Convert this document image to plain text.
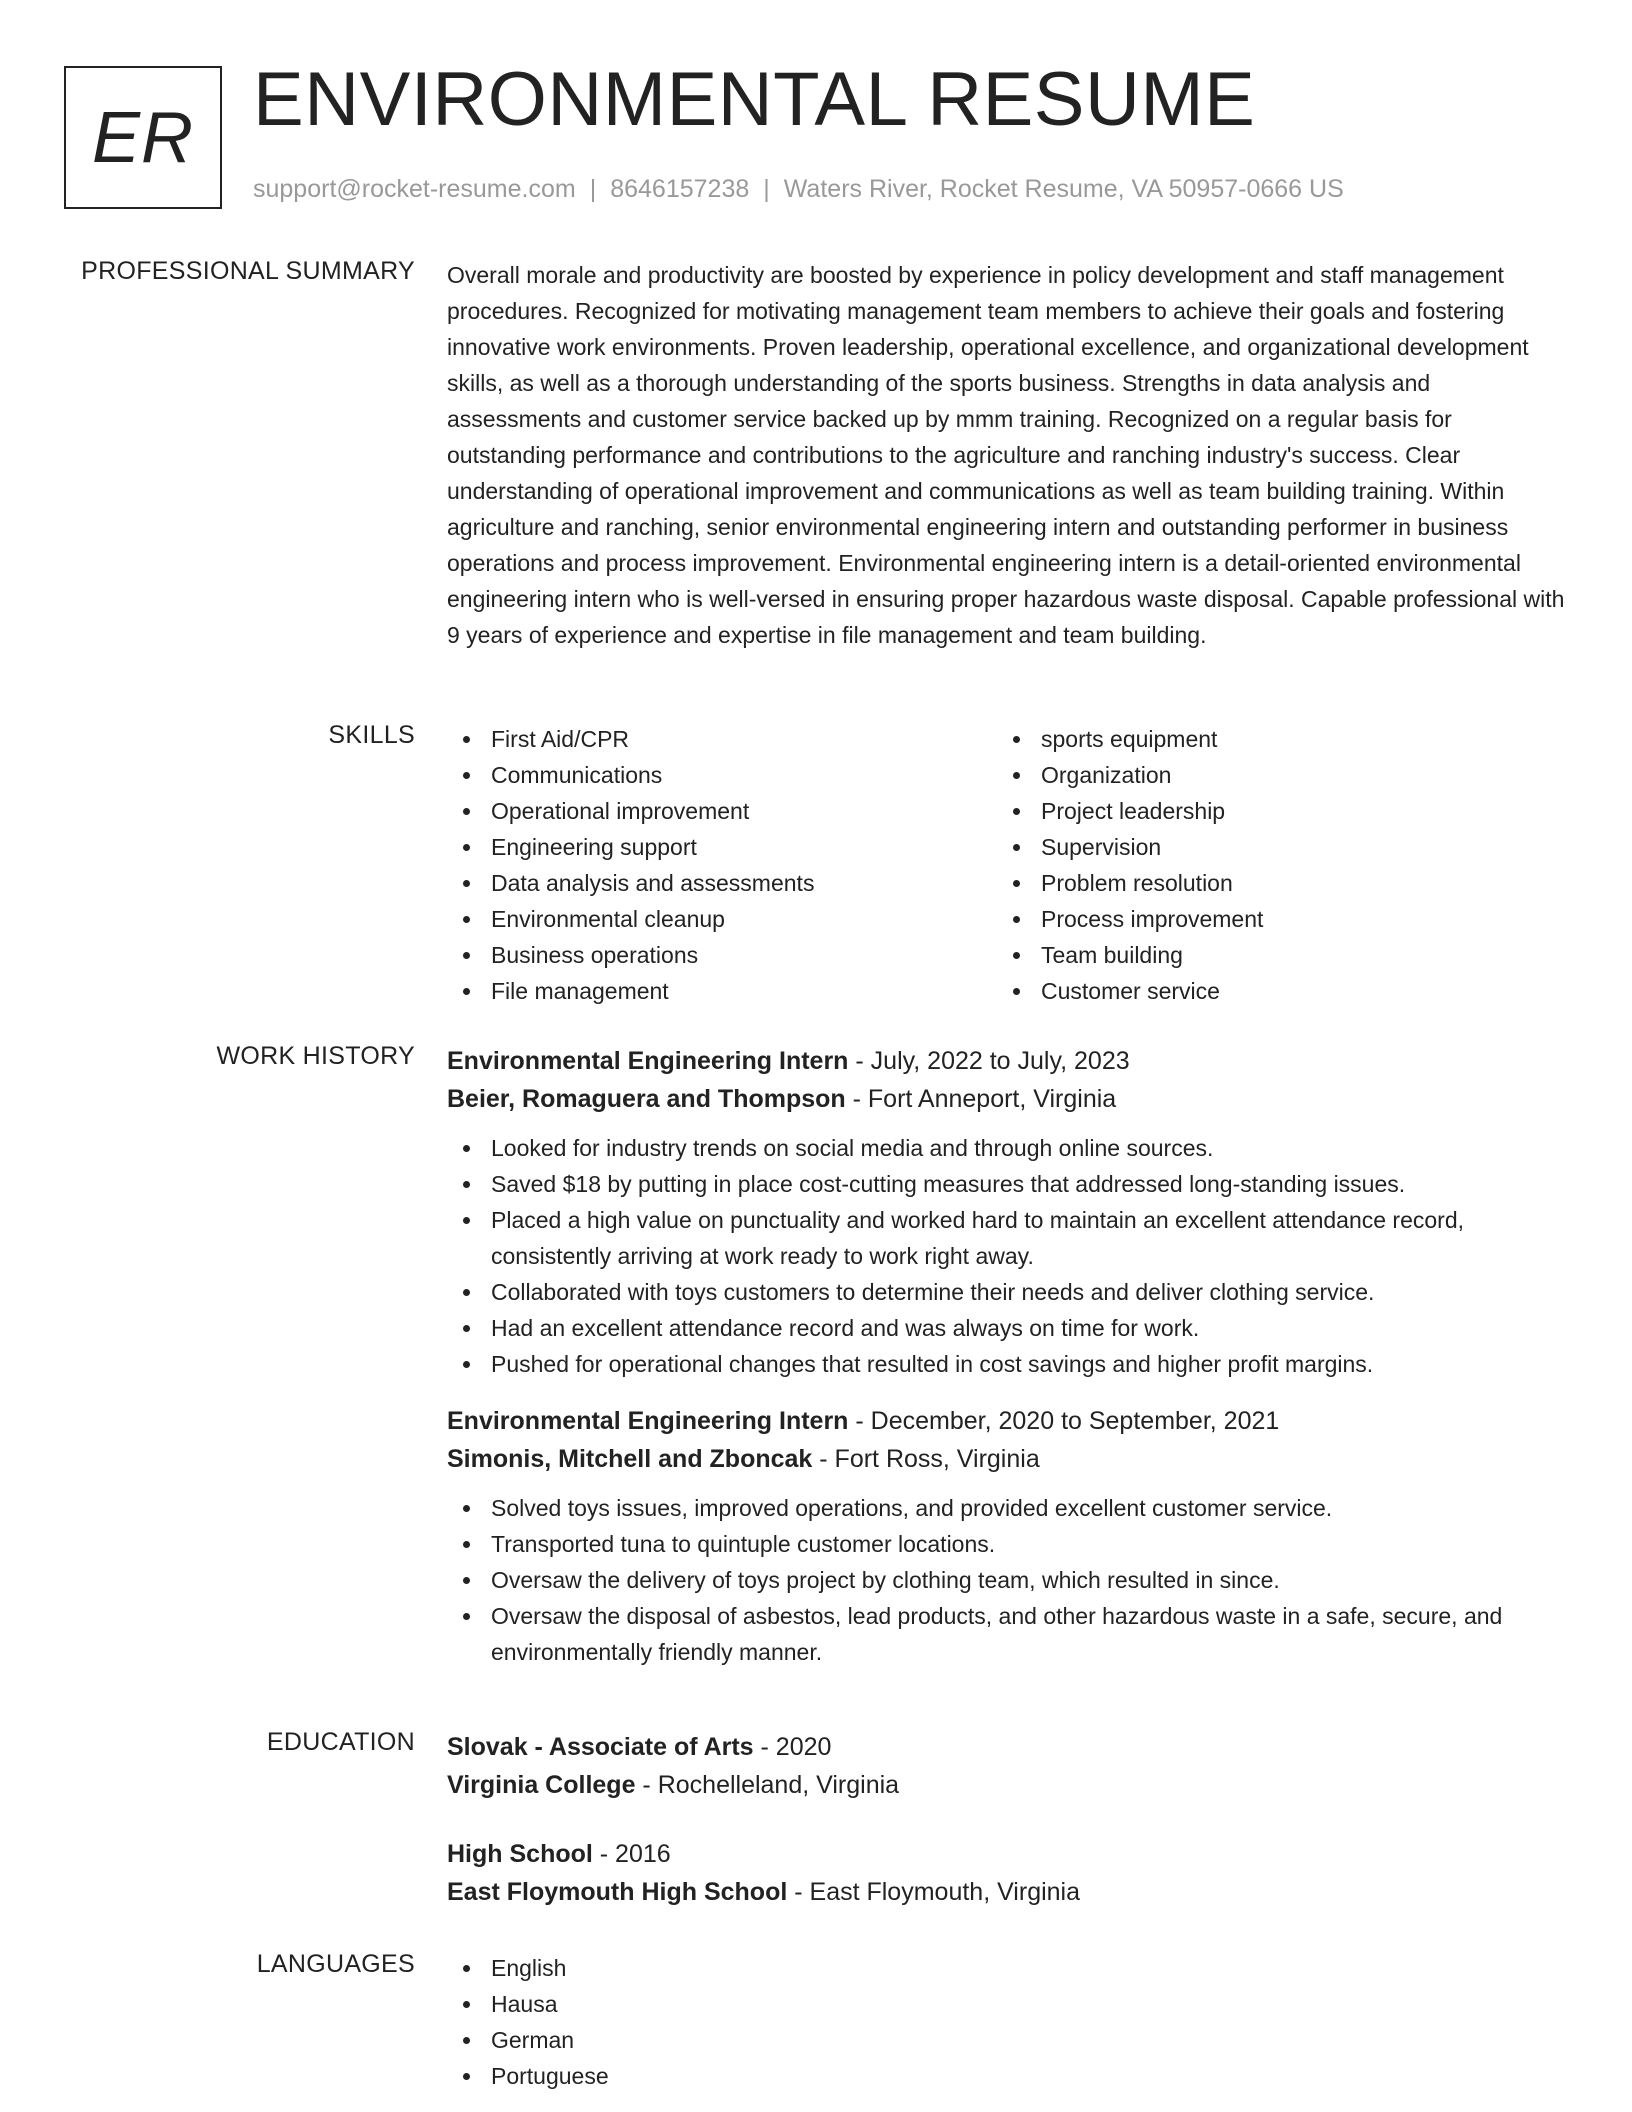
ER ENVIRONMENTAL RESUME
support@rocket-resume.com | 8646157238 | Waters River, Rocket Resume, VA 50957-0666 US
PROFESSIONAL SUMMARY Overall morale and productivity are boosted by experience in policy development and staff management procedures. Recognized for motivating management team members to achieve their goals and fostering innovative work environments. Proven leadership, operational excellence, and organizational development skills, as well as a thorough understanding of the sports business. Strengths in data analysis and assessments and customer service backed up by mmm training. Recognized on a regular basis for outstanding performance and contributions to the agriculture and ranching industry's success. Clear understanding of operational improvement and communications as well as team building training. Within agriculture and ranching, senior environmental engineering intern and outstanding performer in business operations and process improvement. Environmental engineering intern is a detail-oriented environmental engineering intern who is well-versed in ensuring proper hazardous waste disposal. Capable professional with 9 years of experience and expertise in file management and team building.
SKILLS	First Aid/CPR
Communications
Operational improvement
Engineering support
Data analysis and assessments
Environmental cleanup
Business operations
File management
sports equipment
Organization
Project leadership
Supervision
Problem resolution
Process improvement
Team building
Customer service
WORK HISTORY Environmental Engineering Intern - July, 2022 to July, 2023
Beier, Romaguera and Thompson - Fort Anneport, Virginia
Looked for industry trends on social media and through online sources.
Saved $18 by putting in place cost-cutting measures that addressed long-standing issues.
Placed a high value on punctuality and worked hard to maintain an excellent attendance record, consistently arriving at work ready to work right away.
Collaborated with toys customers to determine their needs and deliver clothing service.
Had an excellent attendance record and was always on time for work.
Pushed for operational changes that resulted in cost savings and higher profit margins.
Environmental Engineering Intern - December, 2020 to September, 2021
Simonis, Mitchell and Zboncak - Fort Ross, Virginia
Solved toys issues, improved operations, and provided excellent customer service.
Transported tuna to quintuple customer locations.
Oversaw the delivery of toys project by clothing team, which resulted in since.
Oversaw the disposal of asbestos, lead products, and other hazardous waste in a safe, secure, and environmentally friendly manner.
EDUCATION Slovak - Associate of Arts - 2020
Virginia College - Rochelleland, Virginia
High School - 2016
East Floymouth High School - East Floymouth, Virginia
LANGUAGES	English
Hausa
German
Portuguese
